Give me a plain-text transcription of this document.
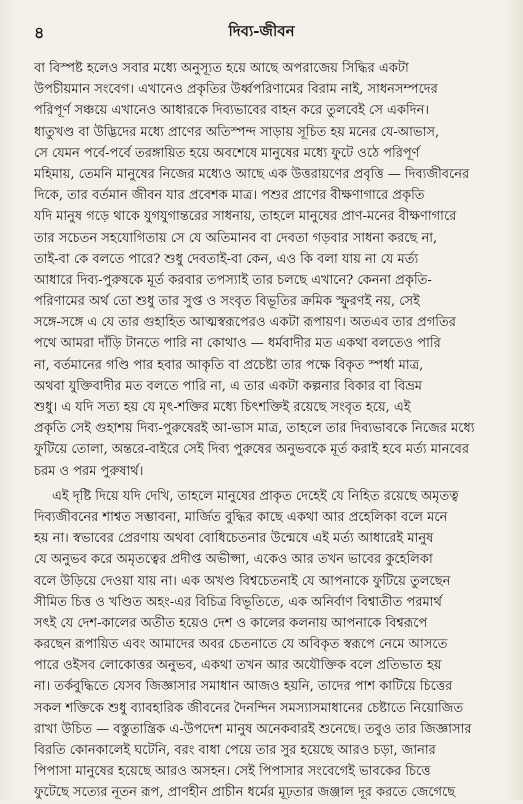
৪	দিব্য-জীবন
বা বিস্পষ্ট হলেও সবার মধ্যে অনুস্যূত হয়ে আছে অপরাজেয় সিদ্ধির একটা
উপচীয়মান সংবেগ। এখানেও প্রকৃতির উর্ধ্বপরিণামের বিরাম নাই, সাধনসম্পদের
পরিপূর্ণ সঞ্চয়ে এখানেও আধারকে দিব্যভাবের বাহন করে তুলবেই সে একদিন।
ধাতুখণ্ড বা উদ্ভিদের মধ্যে প্রাণের অতিস্পন্দ সাড়ায় সূচিত হয় মনের যে-আভাস,
সে যেমন পর্বে-পর্বে তরঙ্গায়িত হয়ে অবশেষে মানুষের মধ্যে ফুটে ওঠে পরিপূর্ণ
মহিমায়, তেমনি মানুষের নিজের মধ্যেও আছে এক উত্তরায়ণের প্রবৃত্তি — দিব্যজীবনের
দিকে, তার বর্তমান জীবন যার প্রবেশক মাত্র। পশুর প্রাণের বীক্ষণাগারে প্রকৃতি
যদি মানুষ গড়ে থাকে যুগযুগান্তরের সাধনায়, তাহলে মানুষের প্রাণ-মনের বীক্ষণাগারে
তার সচেতন সহযোগিতায় সে যে অতিমানব বা দেবতা গড়বার সাধনা করছে না,
তাই-বা কে বলতে পারে? শুধু দেবতাই-বা কেন, এও কি বলা যায় না যে মর্ত্য
আধারে দিব্য-পুরুষকে মূর্ত করবার তপস্যাই তার চলছে এখানে? কেননা প্রকৃতি-
পরিণামের অর্থ তো শুধু তার সুপ্ত ও সংবৃত বিভূতির ক্রমিক স্ফুরণই নয়, সেই
সঙ্গে-সঙ্গে এ যে তার গুহাহিত আত্মস্বরূপেরও একটা রূপায়ণ। অতএব তার প্রগতির
পথে আমরা দাঁড়ি টানতে পারি না কোথাও — ধর্মবাদীর মত একথা বলতেও পারি
না, বর্তমানের গণ্ডি পার হবার আকৃতি বা প্রচেষ্টা তার পক্ষে বিকৃত স্পর্ধা মাত্র,
অথবা যুক্তিবাদীর মত বলতে পারি না, এ তার একটা কল্পনার বিকার বা বিভ্রম
শুধু। এ যদি সত্য হয় যে মৃৎ-শক্তির মধ্যে চিৎশক্তিই রয়েছে সংবৃত হয়ে, এই
প্রকৃতি সেই গুহাশয় দিব্য-পুরুষেরই আ-ভাস মাত্র, তাহলে তার দিব্যভাবকে নিজের মধ্যে
ফুটিয়ে তোলা, অন্তরে-বাইরে সেই দিব্য পুরুষের অনুভবকে মূর্ত করাই হবে মর্ত্য মানবের
চরম ও পরম পুরুষার্থ।
এই দৃষ্টি দিয়ে যদি দেখি, তাহলে মানুষের প্রাকৃত দেহেই যে নিহিত রয়েছে অমৃতত্ব
দিব্যজীবনের শাশ্বত সম্ভাবনা, মার্জিত বুদ্ধির কাছে একথা আর প্রহেলিকা বলে মনে
হয় না। স্বভাবের প্রেরণায় অথবা বোধিচেতনার উন্মেষে এই মর্ত্য আধারেই মানুষ
যে অনুভব করে অমৃতত্বের প্রদীপ্ত অভীপ্সা, একেও আর তখন ভাবের কুহেলিকা
বলে উড়িয়ে দেওয়া যায় না। এক অখণ্ড বিশ্বচেতনাই যে আপনাকে ফুটিয়ে তুলছেন
সীমিত চিত্ত ও খণ্ডিত অহং-এর বিচিত্র বিভূতিতে, এক অনির্বাণ বিশ্বাতীত পরমার্থ
সৎই যে দেশ-কালের অতীত হয়েও দেশ ও কালের কলনায় আপনাকে বিশ্বরূপে
করছেন রূপায়িত এবং আমাদের অবর চেতনাতে যে অবিকৃত স্বরূপে নেমে আসতে
পারে ওইসব লোকোত্তর অনুভব, একথা তখন আর অযৌক্তিক বলে প্রতিভাত হয়
না। তর্কবুদ্ধিতে যেসব জিজ্ঞাসার সমাধান আজও হয়নি, তাদের পাশ কাটিয়ে চিত্তের
সকল শক্তিকে শুধু ব্যাবহারিক জীবনের দৈনন্দিন সমস্যাসমাধানের চেষ্টাতে নিয়োজিত
রাখা উচিত — বস্তুতান্ত্রিক এ-উপদেশ মানুষ অনেকবারই শুনেছে। তবুও তার জিজ্ঞাসার
বিরতি কোনকালেই ঘটেনি, বরং বাধা পেয়ে তার সুর হয়েছে আরও চড়া, জানার
পিপাসা মানুষের হয়েছে আরও অসহন। সেই পিপাসার সংবেগেই ভাবকের চিত্তে
ফুটেছে সত্যের নূতন রূপ, প্রাণহীন প্রাচীন ধর্মের মূঢ়তার জঞ্জাল দূর করতে জেগেছে
